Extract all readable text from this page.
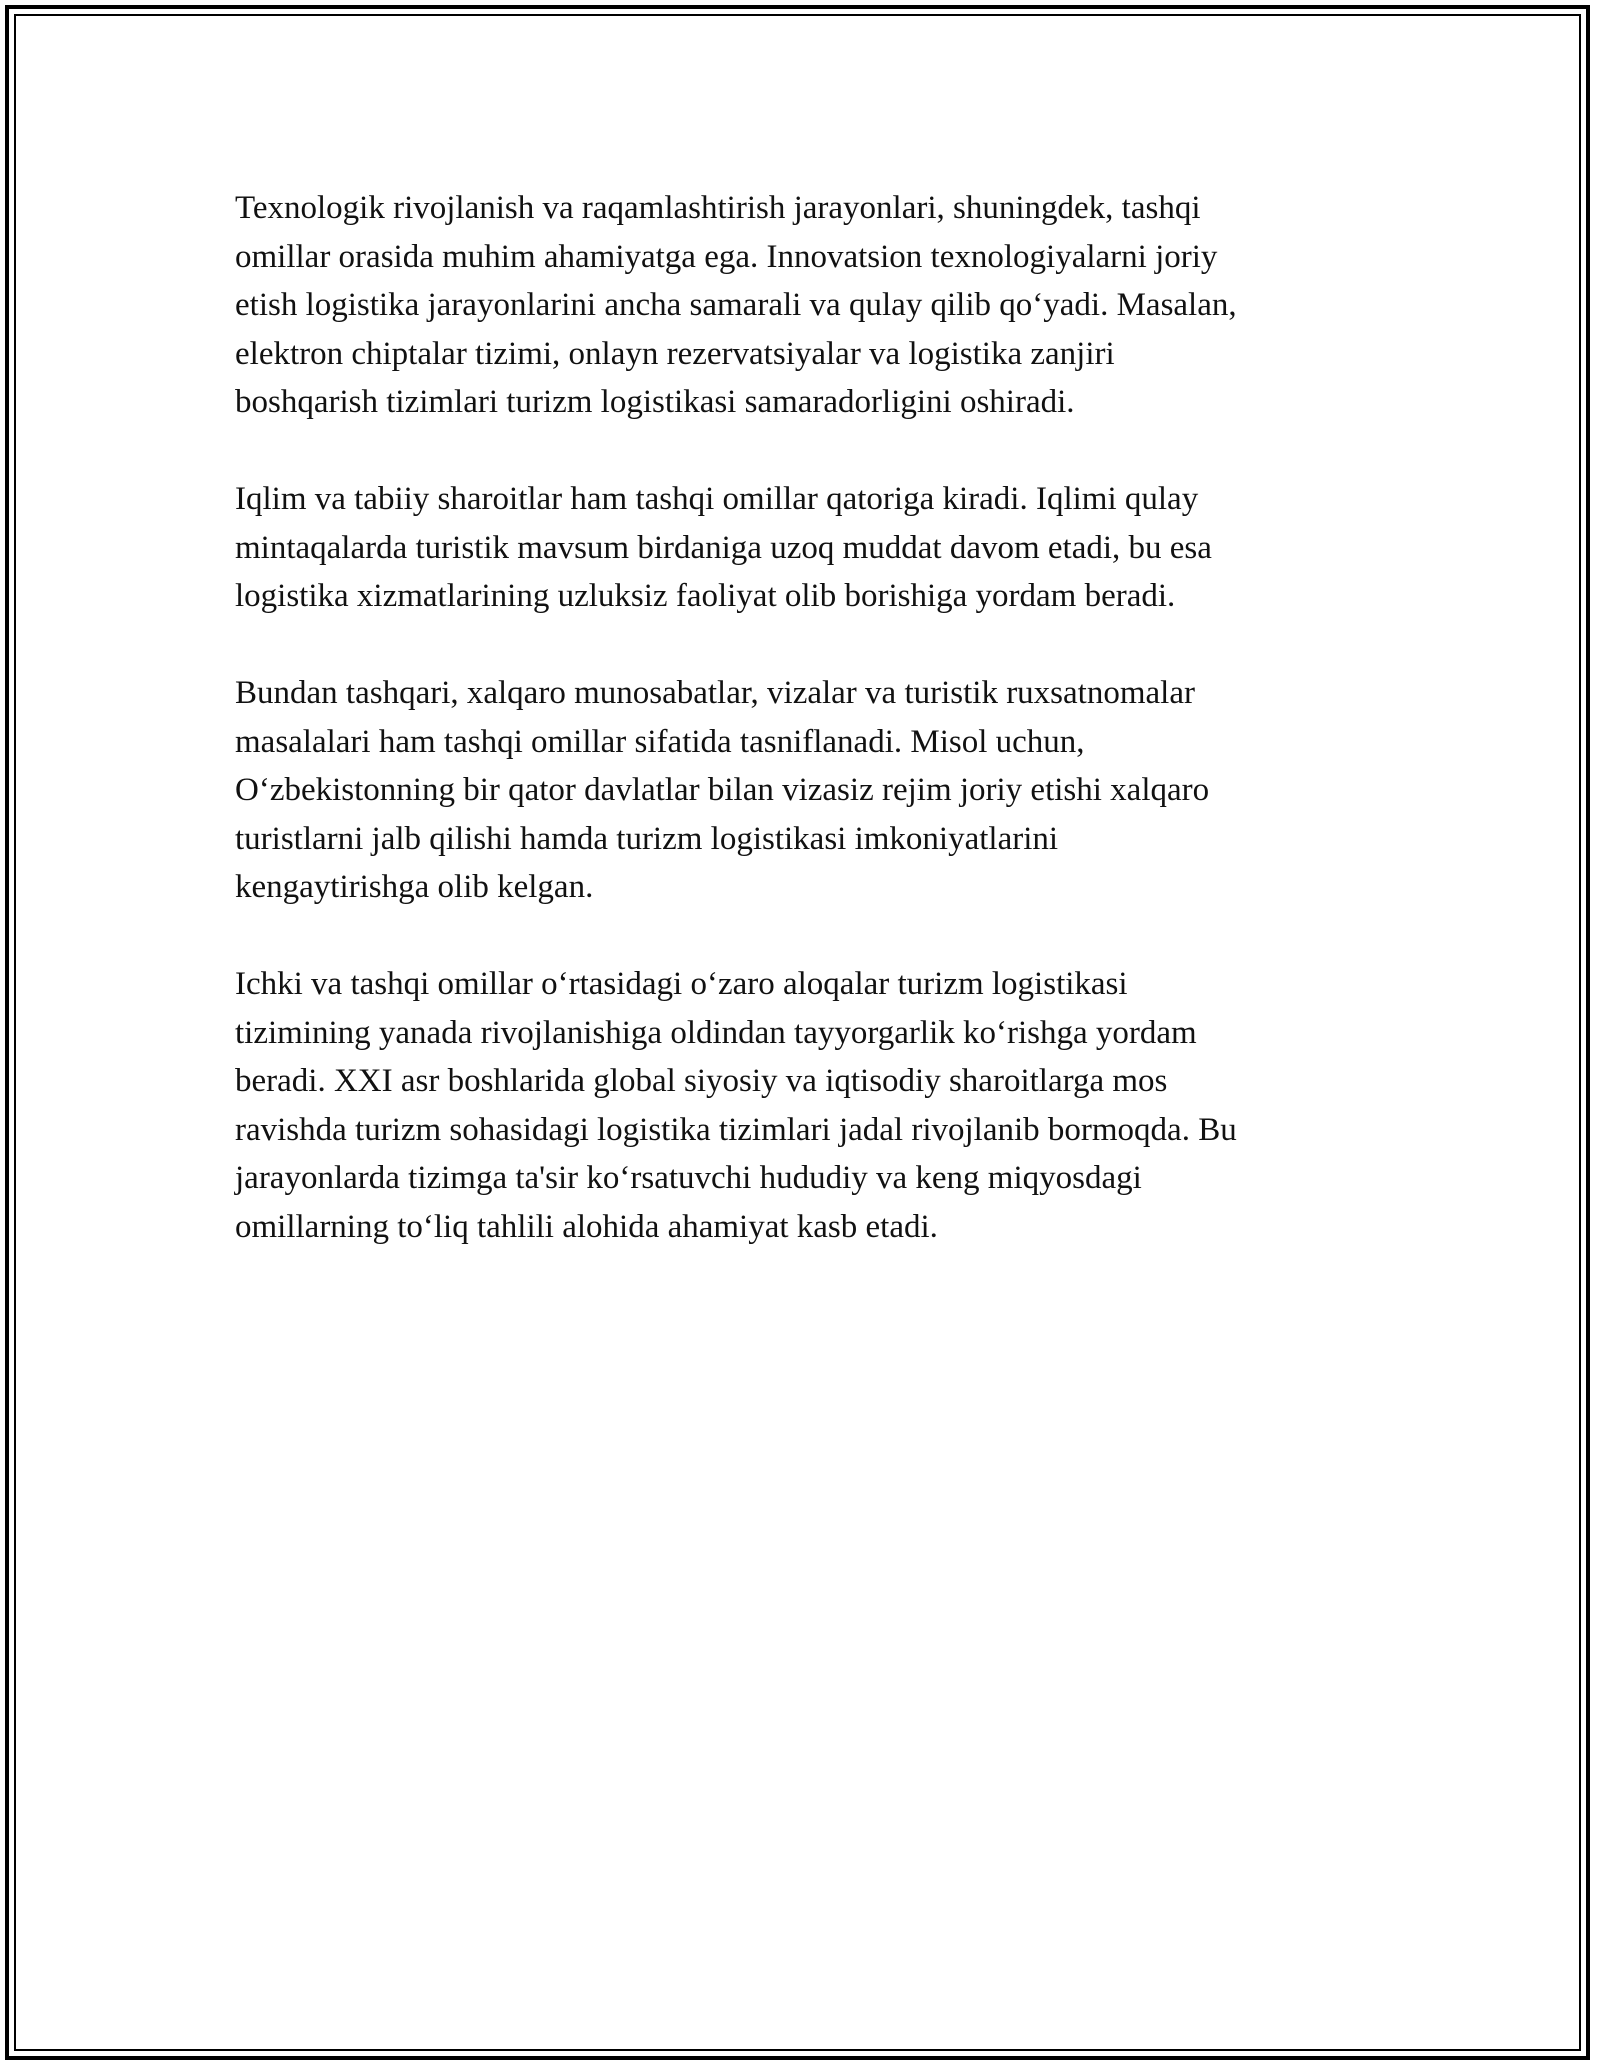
Texnologik rivojlanish va raqamlashtirish jarayonlari, shuningdek, tashqi
omillar orasida muhim ahamiyatga ega. Innovatsion texnologiyalarni joriy
etish logistika jarayonlarini ancha samarali va qulay qilib qo‘yadi. Masalan,
elektron chiptalar tizimi, onlayn rezervatsiyalar va logistika zanjiri
boshqarish tizimlari turizm logistikasi samaradorligini oshiradi.

Iqlim va tabiiy sharoitlar ham tashqi omillar qatoriga kiradi. Iqlimi qulay
mintaqalarda turistik mavsum birdaniga uzoq muddat davom etadi, bu esa
logistika xizmatlarining uzluksiz faoliyat olib borishiga yordam beradi.

Bundan tashqari, xalqaro munosabatlar, vizalar va turistik ruxsatnomalar
masalalari ham tashqi omillar sifatida tasniflanadi. Misol uchun,
O‘zbekistonning bir qator davlatlar bilan vizasiz rejim joriy etishi xalqaro
turistlarni jalb qilishi hamda turizm logistikasi imkoniyatlarini
kengaytirishga olib kelgan.

Ichki va tashqi omillar o‘rtasidagi o‘zaro aloqalar turizm logistikasi
tizimining yanada rivojlanishiga oldindan tayyorgarlik ko‘rishga yordam
beradi. XXI asr boshlarida global siyosiy va iqtisodiy sharoitlarga mos
ravishda turizm sohasidagi logistika tizimlari jadal rivojlanib bormoqda. Bu
jarayonlarda tizimga ta'sir ko‘rsatuvchi hududiy va keng miqyosdagi
omillarning to‘liq tahlili alohida ahamiyat kasb etadi.
